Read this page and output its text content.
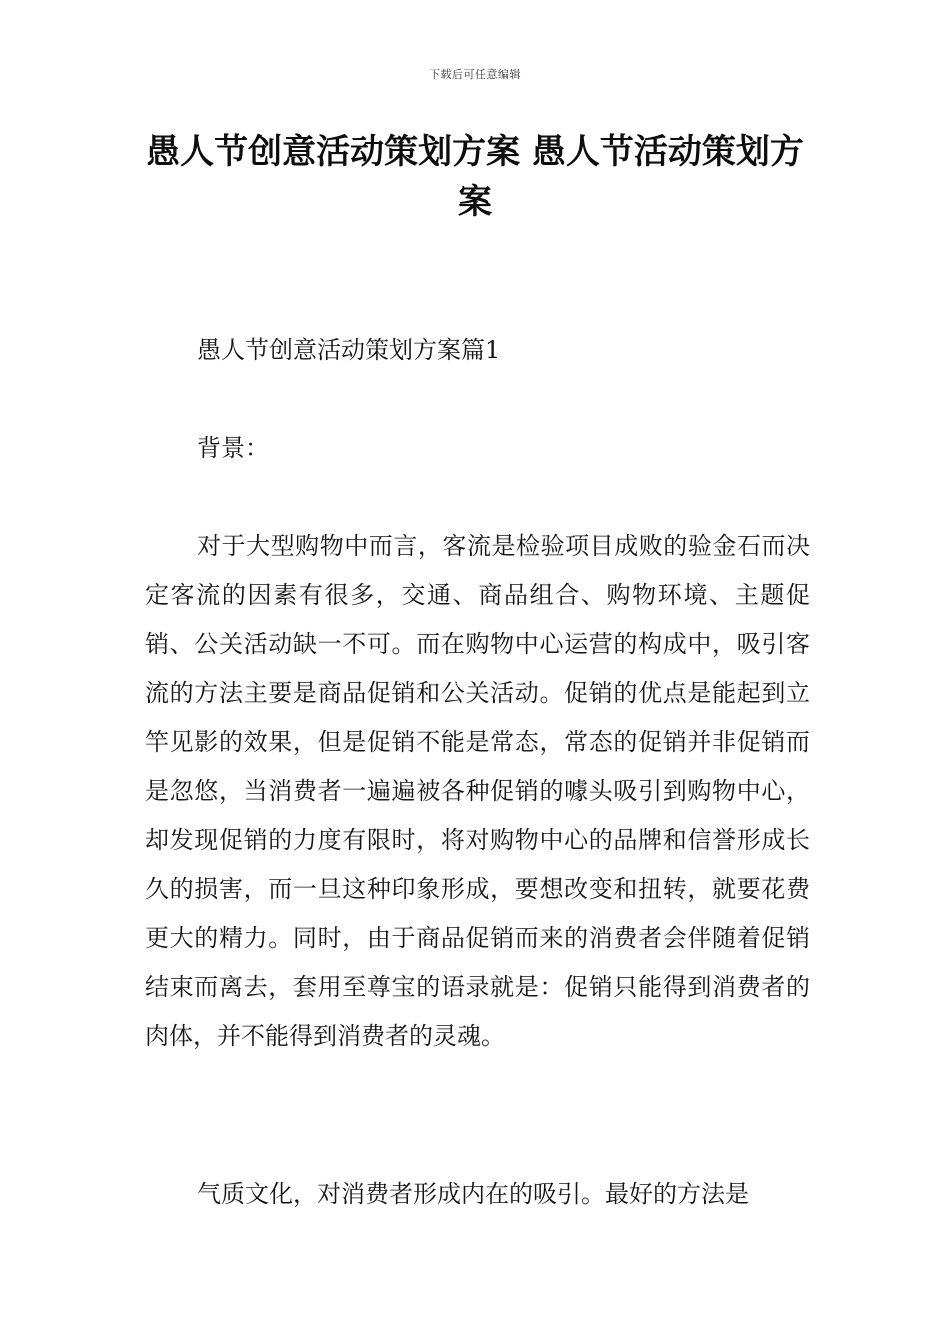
下载后可任意编辑
愚人节创意活动策划方案 愚人节活动策划方案

愚人节创意活动策划方案篇1

背景：

对于大型购物中而言，客流是检验项目成败的验金石而决定客流的因素有很多，交通、商品组合、购物环境、主题促销、公关活动缺一不可。而在购物中心运营的构成中，吸引客流的方法主要是商品促销和公关活动。促销的优点是能起到立竿见影的效果，但是促销不能是常态，常态的促销并非促销而是忽悠，当消费者一遍遍被各种促销的噱头吸引到购物中心，却发现促销的力度有限时，将对购物中心的品牌和信誉形成长久的损害，而一旦这种印象形成，要想改变和扭转，就要花费更大的精力。同时，由于商品促销而来的消费者会伴随着促销结束而离去，套用至尊宝的语录就是：促销只能得到消费者的肉体，并不能得到消费者的灵魂。

气质文化，对消费者形成内在的吸引。最好的方法是
